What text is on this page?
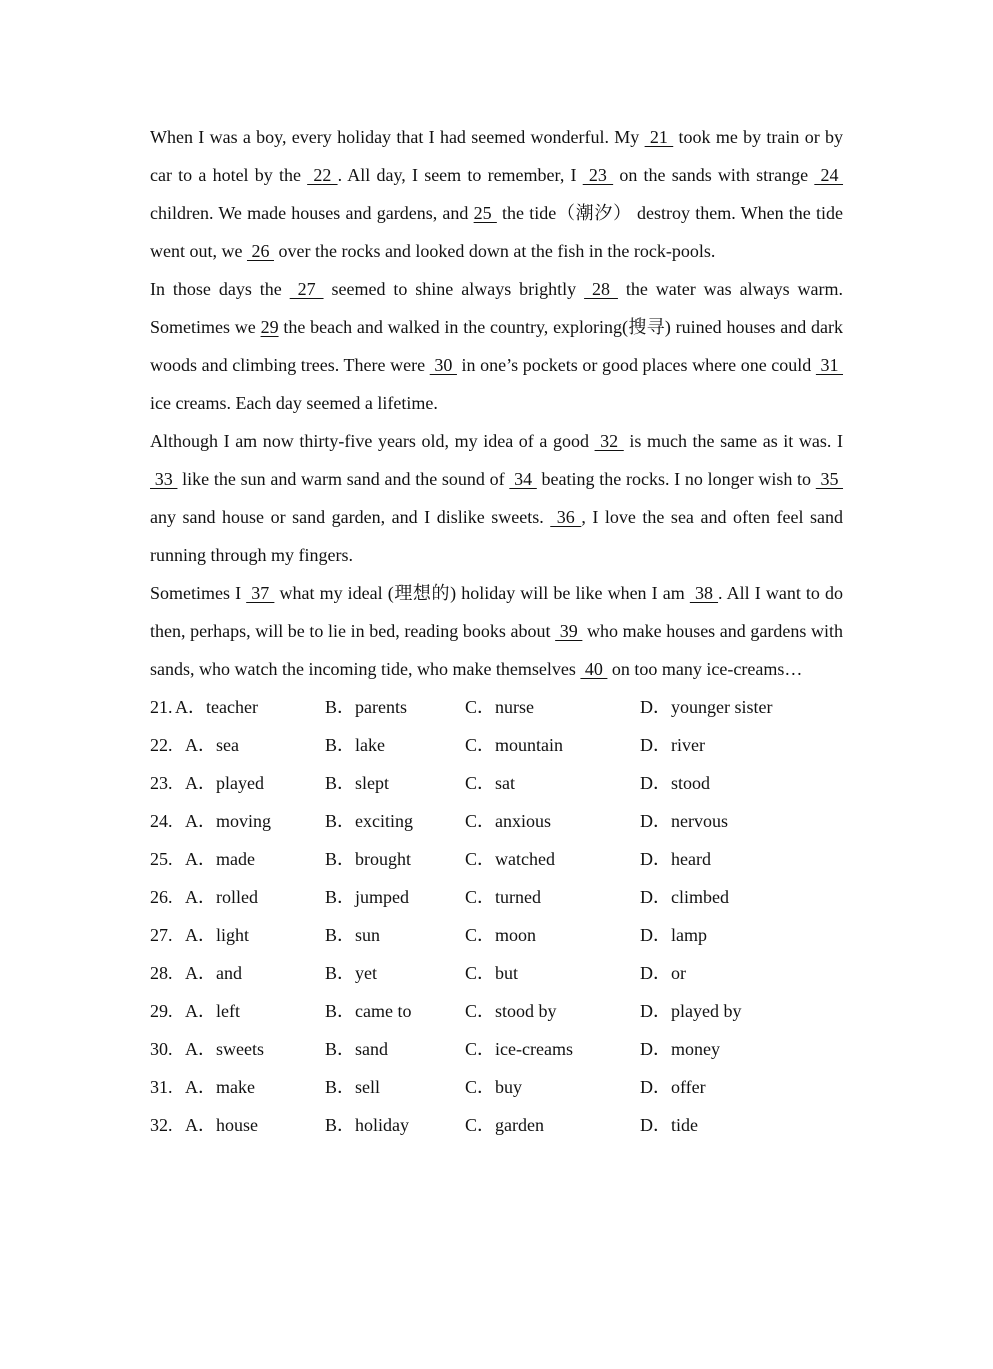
When I was a boy, every holiday that I had seemed wonderful. My  21  took me by train or by car to a hotel by the  22 . All day, I seem to remember, I  23  on the sands with strange  24  children. We made houses and gardens, and 25  the tide（潮汐） destroy them. When the tide went out, we  26  over the rocks and looked down at the fish in the rock-pools.

In those days the  27  seemed to shine always brightly  28  the water was always warm. Sometimes we 29 the beach and walked in the country, exploring(搜寻) ruined houses and dark woods and climbing trees. There were  30  in one’s pockets or good places where one could  31  ice creams. Each day seemed a lifetime.

Although I am now thirty-five years old, my idea of a good  32  is much the same as it was. I  33  like the sun and warm sand and the sound of  34  beating the rocks. I no longer wish to  35  any sand house or sand garden, and I dislike sweets.  36 , I love the sea and often feel sand running through my fingers.

Sometimes I  37  what my ideal (理想的) holiday will be like when I am  38 . All I want to do then, perhaps, will be to lie in bed, reading books about  39  who make houses and gardens with sands, who watch the incoming tide, who make themselves  40  on too many ice-creams…

21. A．teacher	B．parents	C．nurse	D．younger sister
22. A．sea	B．lake	C．mountain	D．river
23. A．played	B．slept	C．sat	D．stood
24. A．moving	B．exciting	C．anxious	D．nervous
25. A．made	B．brought	C．watched	D．heard
26. A．rolled	B．jumped	C．turned	D．climbed
27. A．light	B．sun	C．moon	D．lamp
28. A．and	B．yet	C．but	D．or
29. A．left	B．came to	C．stood by	D．played by
30. A．sweets	B．sand	C．ice-creams	D．money
31. A．make	B．sell	C．buy	D．offer
32. A．house	B．holiday	C．garden	D．tide
